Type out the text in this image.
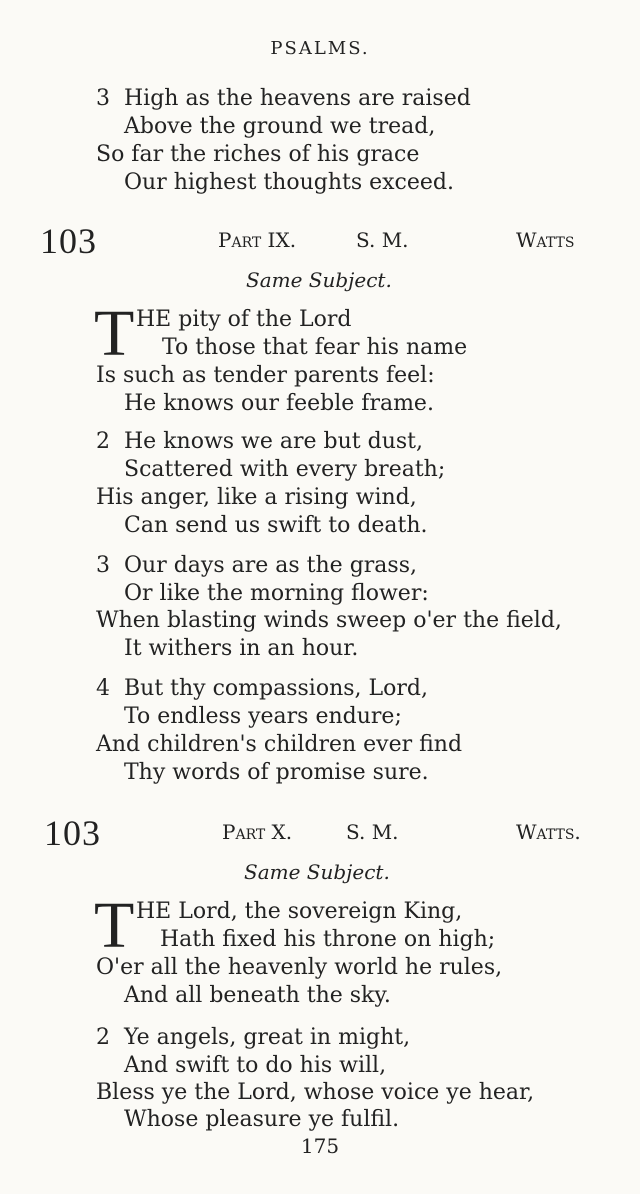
PSALMS.
3 High as the heavens are raised
Above the ground we tread,
So far the riches of his grace
Our highest thoughts exceed.
103	Part IX.	S. M.	Watts
Same Subject.
T HE pity of the Lord
To those that fear his name
Is such as tender parents feel:
He knows our feeble frame.
2 He knows we are but dust,
Scattered with every breath;
His anger, like a rising wind,
Can send us swift to death.
3 Our days are as the grass,
Or like the morning flower:
When blasting winds sweep o'er the field,
It withers in an hour.
4 But thy compassions, Lord,
To endless years endure;
And children's children ever find
Thy words of promise sure.
103	Part X.	S. M.	Watts.
Same Subject.
T HE Lord, the sovereign King,
Hath fixed his throne on high;
O'er all the heavenly world he rules,
And all beneath the sky.
2 Ye angels, great in might,
And swift to do his will,
Bless ye the Lord, whose voice ye hear,
Whose pleasure ye fulfil.
175
